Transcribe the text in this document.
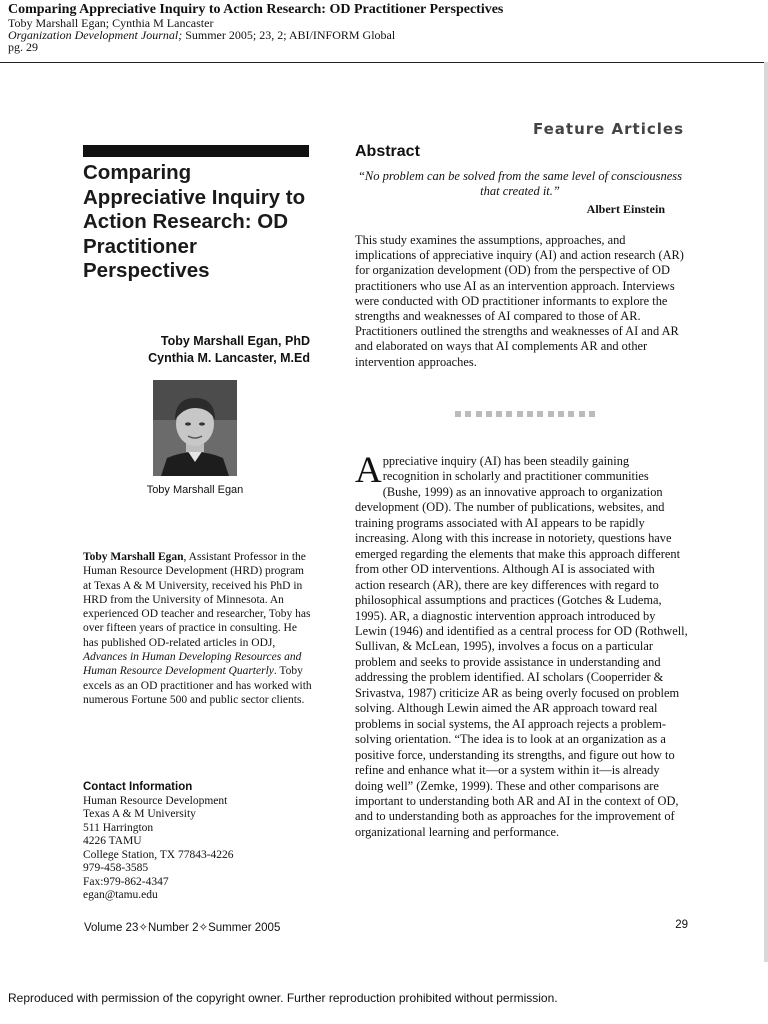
Comparing Appreciative Inquiry to Action Research: OD Practitioner Perspectives
Toby Marshall Egan; Cynthia M Lancaster
Organization Development Journal; Summer 2005; 23, 2; ABI/INFORM Global
pg. 29
Feature Articles
Comparing Appreciative Inquiry to Action Research: OD Practitioner Perspectives
Toby Marshall Egan, PhD
Cynthia M. Lancaster, M.Ed
Toby Marshall Egan
Toby Marshall Egan, Assistant Professor in the Human Resource Development (HRD) program at Texas A & M University, received his PhD in HRD from the University of Minnesota. An experienced OD teacher and researcher, Toby has over fifteen years of practice in consulting. He has published OD-related articles in ODJ, Advances in Human Developing Resources and Human Resource Development Quarterly. Toby excels as an OD practitioner and has worked with numerous Fortune 500 and public sector clients.
Contact Information
Human Resource Development
Texas A & M University
511 Harrington
4226 TAMU
College Station, TX 77843-4226
979-458-3585
Fax:979-862-4347
egan@tamu.edu
Abstract
“No problem can be solved from the same level of consciousness that created it.”
Albert Einstein
This study examines the assumptions, approaches, and implications of appreciative inquiry (AI) and action research (AR) for organization development (OD) from the perspective of OD practitioners who use AI as an intervention approach. Interviews were conducted with OD practitioner informants to explore the strengths and weaknesses of AI compared to those of AR. Practitioners outlined the strengths and weaknesses of AI and AR and elaborated on ways that AI complements AR and other intervention approaches.
Appreciative inquiry (AI) has been steadily gaining recognition in scholarly and practitioner communities (Bushe, 1999) as an innovative approach to organization development (OD). The number of publications, websites, and training programs associated with AI appears to be rapidly increasing. Along with this increase in notoriety, questions have emerged regarding the elements that make this approach different from other OD interventions. Although AI is associated with action research (AR), there are key differences with regard to philosophical assumptions and practices (Gotches & Ludema, 1995). AR, a diagnostic intervention approach introduced by Lewin (1946) and identified as a central process for OD (Rothwell, Sullivan, & McLean, 1995), involves a focus on a particular problem and seeks to provide assistance in understanding and addressing the problem identified. AI scholars (Cooperrider & Srivastva, 1987) criticize AR as being overly focused on problem solving. Although Lewin aimed the AR approach toward real problems in social systems, the AI approach rejects a problem-solving orientation. “The idea is to look at an organization as a positive force, understanding its strengths, and figure out how to refine and enhance what it—or a system within it—is already doing well” (Zemke, 1999). These and other comparisons are important to understanding both AR and AI in the context of OD, and to understanding both as approaches for the improvement of organizational learning and performance.
Volume 23✧Number 2✧Summer 2005	29
Reproduced with permission of the copyright owner. Further reproduction prohibited without permission.
